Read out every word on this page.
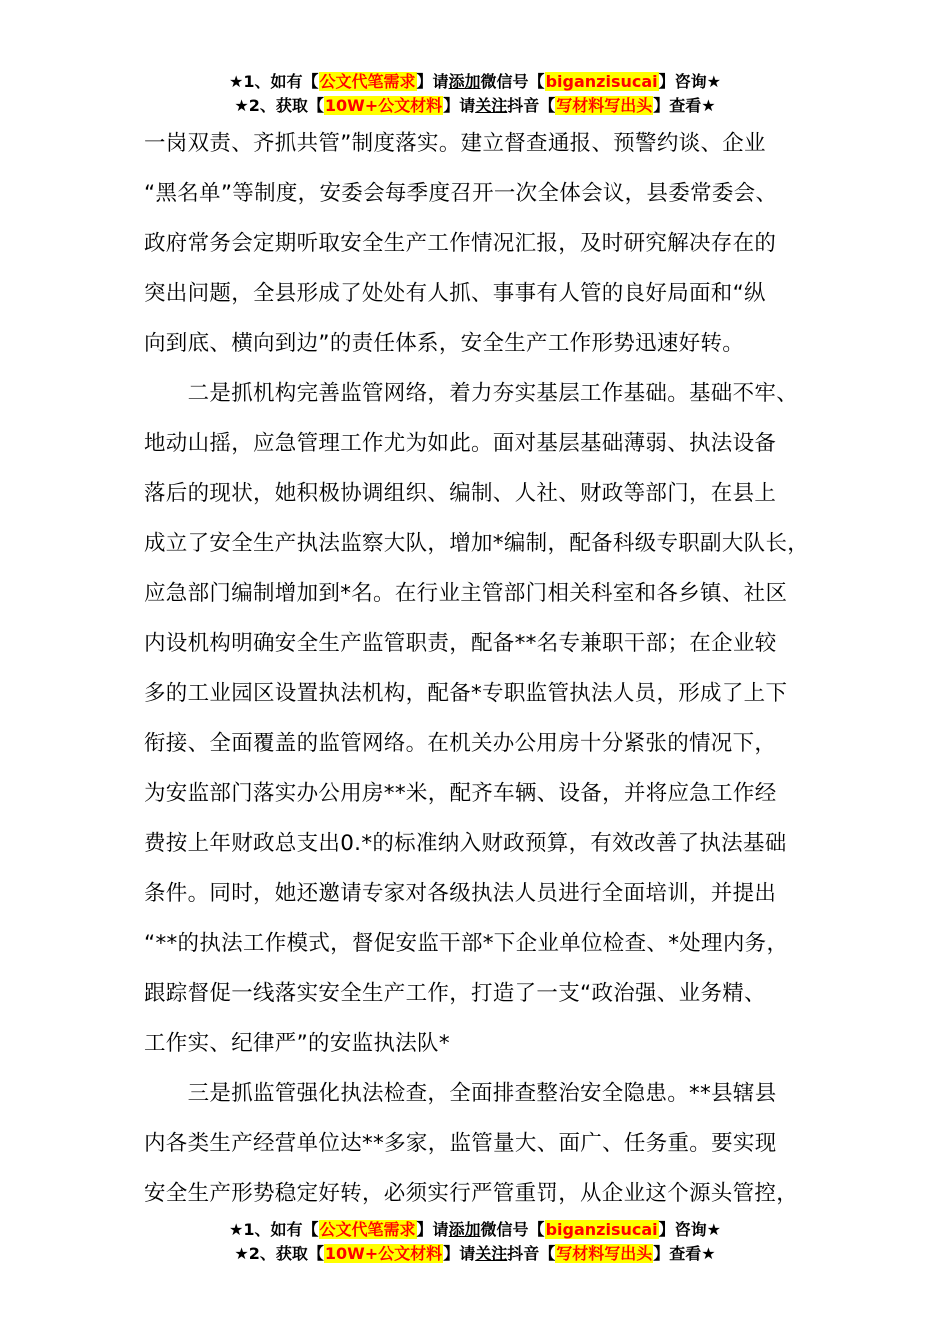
★1、如有【公文代笔需求】请添加微信号【biganzisucai】咨询★
★2、获取【10W+公文材料】请关注抖音【写材料写出头】查看★
一岗双责、齐抓共管”制度落实。建立督查通报、预警约谈、企业
“黑名单”等制度，安委会每季度召开一次全体会议，县委常委会、
政府常务会定期听取安全生产工作情况汇报，及时研究解决存在的
突出问题，全县形成了处处有人抓、事事有人管的良好局面和“纵
向到底、横向到边”的责任体系，安全生产工作形势迅速好转。
　　二是抓机构完善监管网络，着力夯实基层工作基础。基础不牢、
地动山摇，应急管理工作尤为如此。面对基层基础薄弱、执法设备
落后的现状，她积极协调组织、编制、人社、财政等部门，在县上
成立了安全生产执法监察大队，增加*编制，配备科级专职副大队长，
应急部门编制增加到*名。在行业主管部门相关科室和各乡镇、社区
内设机构明确安全生产监管职责，配备**名专兼职干部；在企业较
多的工业园区设置执法机构，配备*专职监管执法人员，形成了上下
衔接、全面覆盖的监管网络。在机关办公用房十分紧张的情况下，
为安监部门落实办公用房**米，配齐车辆、设备，并将应急工作经
费按上年财政总支出0.*的标准纳入财政预算，有效改善了执法基础
条件。同时，她还邀请专家对各级执法人员进行全面培训，并提出
“**的执法工作模式，督促安监干部*下企业单位检查、*处理内务，
跟踪督促一线落实安全生产工作，打造了一支“政治强、业务精、
工作实、纪律严”的安监执法队*
　　三是抓监管强化执法检查，全面排查整治安全隐患。**县辖县
内各类生产经营单位达**多家，监管量大、面广、任务重。要实现
安全生产形势稳定好转，必须实行严管重罚，从企业这个源头管控，
★1、如有【公文代笔需求】请添加微信号【biganzisucai】咨询★
★2、获取【10W+公文材料】请关注抖音【写材料写出头】查看★
